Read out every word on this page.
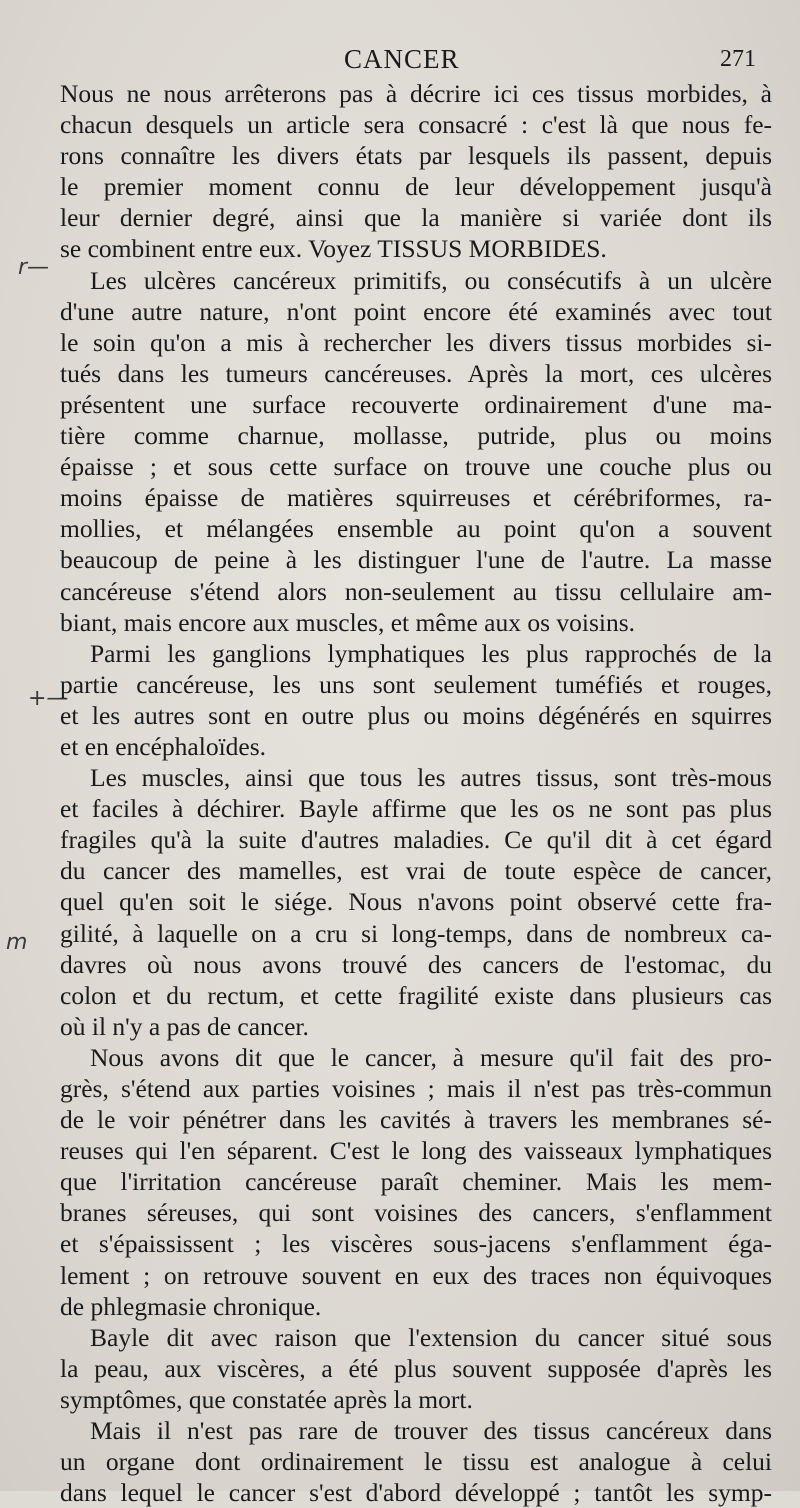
CANCER	271
r—
+—
m
Nous ne nous arrêterons pas à décrire ici ces tissus morbides, à
chacun desquels un article sera consacré : c'est là que nous fe-
rons connaître les divers états par lesquels ils passent, depuis
le premier moment connu de leur développement jusqu'à
leur dernier degré, ainsi que la manière si variée dont ils
se combinent entre eux. Voyez TISSUS MORBIDES.
Les ulcères cancéreux primitifs, ou consécutifs à un ulcère
d'une autre nature, n'ont point encore été examinés avec tout
le soin qu'on a mis à rechercher les divers tissus morbides si-
tués dans les tumeurs cancéreuses. Après la mort, ces ulcères
présentent une surface recouverte ordinairement d'une ma-
tière comme charnue, mollasse, putride, plus ou moins
épaisse ; et sous cette surface on trouve une couche plus ou
moins épaisse de matières squirreuses et cérébriformes, ra-
mollies, et mélangées ensemble au point qu'on a souvent
beaucoup de peine à les distinguer l'une de l'autre. La masse
cancéreuse s'étend alors non-seulement au tissu cellulaire am-
biant, mais encore aux muscles, et même aux os voisins.
Parmi les ganglions lymphatiques les plus rapprochés de la
partie cancéreuse, les uns sont seulement tuméfiés et rouges,
et les autres sont en outre plus ou moins dégénérés en squirres
et en encéphaloïdes.
Les muscles, ainsi que tous les autres tissus, sont très-mous
et faciles à déchirer. Bayle affirme que les os ne sont pas plus
fragiles qu'à la suite d'autres maladies. Ce qu'il dit à cet égard
du cancer des mamelles, est vrai de toute espèce de cancer,
quel qu'en soit le siége. Nous n'avons point observé cette fra-
gilité, à laquelle on a cru si long-temps, dans de nombreux ca-
davres où nous avons trouvé des cancers de l'estomac, du
colon et du rectum, et cette fragilité existe dans plusieurs cas
où il n'y a pas de cancer.
Nous avons dit que le cancer, à mesure qu'il fait des pro-
grès, s'étend aux parties voisines ; mais il n'est pas très-commun
de le voir pénétrer dans les cavités à travers les membranes sé-
reuses qui l'en séparent. C'est le long des vaisseaux lymphatiques
que l'irritation cancéreuse paraît cheminer. Mais les mem-
branes séreuses, qui sont voisines des cancers, s'enflamment
et s'épaississent ; les viscères sous-jacens s'enflamment éga-
lement ; on retrouve souvent en eux des traces non équivoques
de phlegmasie chronique.
Bayle dit avec raison que l'extension du cancer situé sous
la peau, aux viscères, a été plus souvent supposée d'après les
symptômes, que constatée après la mort.
Mais il n'est pas rare de trouver des tissus cancéreux dans
un organe dont ordinairement le tissu est analogue à celui
dans lequel le cancer s'est d'abord développé ; tantôt les symp-
